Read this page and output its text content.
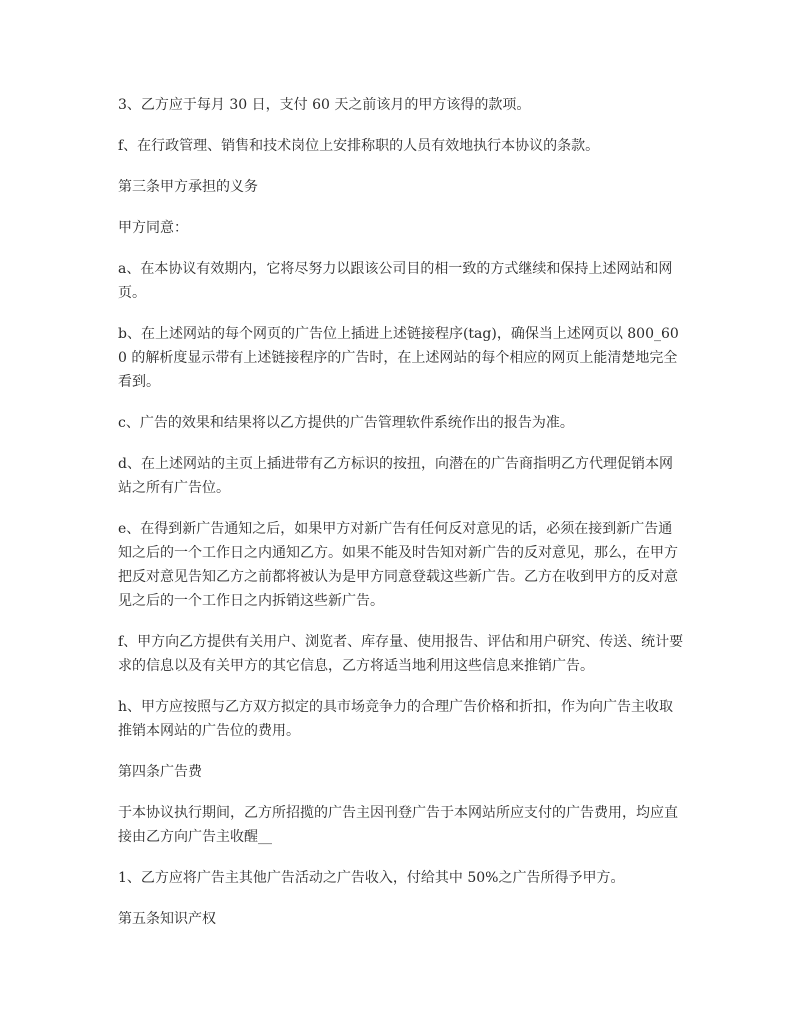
3、乙方应于每月 30 日，支付 60 天之前该月的甲方该得的款项。

f、在行政管理、销售和技术岗位上安排称职的人员有效地执行本协议的条款。

第三条甲方承担的义务

甲方同意：

a、在本协议有效期内，它将尽努力以跟该公司目的相一致的方式继续和保持上述网站和网页。

b、在上述网站的每个网页的广告位上插进上述链接程序(tag)，确保当上述网页以 800_600 的解析度显示带有上述链接程序的广告时，在上述网站的每个相应的网页上能清楚地完全看到。

c、广告的效果和结果将以乙方提供的广告管理软件系统作出的报告为准。

d、在上述网站的主页上插进带有乙方标识的按扭，向潜在的广告商指明乙方代理促销本网站之所有广告位。

e、在得到新广告通知之后，如果甲方对新广告有任何反对意见的话，必须在接到新广告通知之后的一个工作日之内通知乙方。如果不能及时告知对新广告的反对意见，那么，在甲方把反对意见告知乙方之前都将被认为是甲方同意登载这些新广告。乙方在收到甲方的反对意见之后的一个工作日之内拆销这些新广告。

f、甲方向乙方提供有关用户、浏览者、库存量、使用报告、评估和用户研究、传送、统计要求的信息以及有关甲方的其它信息，乙方将适当地利用这些信息来推销广告。

h、甲方应按照与乙方双方拟定的具市场竞争力的合理广告价格和折扣，作为向广告主收取推销本网站的广告位的费用。

第四条广告费

于本协议执行期间，乙方所招揽的广告主因刊登广告于本网站所应支付的广告费用，均应直接由乙方向广告主收醒__

1、乙方应将广告主其他广告活动之广告收入，付给其中 50%之广告所得予甲方。

第五条知识产权
